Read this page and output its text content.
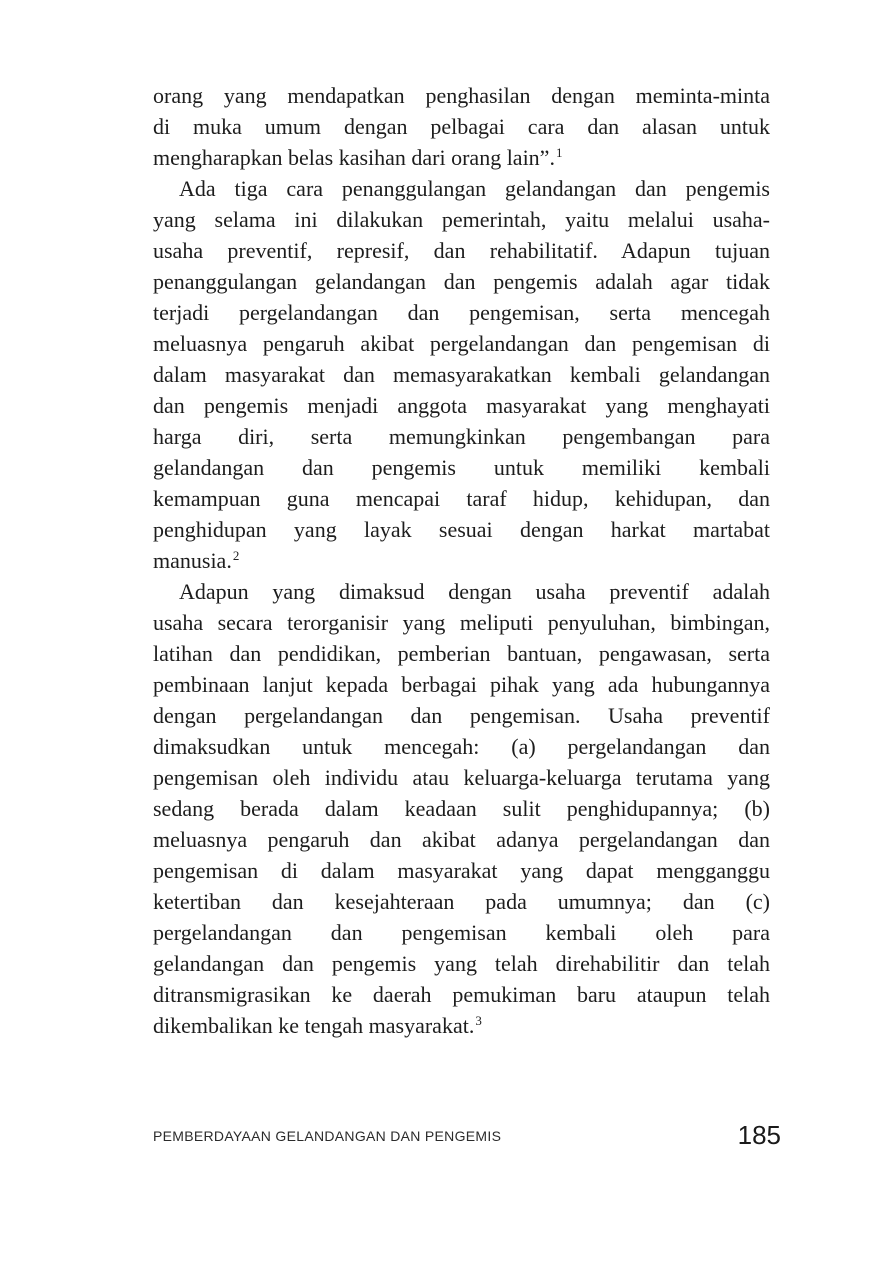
orang yang mendapatkan penghasilan dengan meminta-minta
di muka umum dengan pelbagai cara dan alasan untuk
mengharapkan belas kasihan dari orang lain”.$^1$
Ada tiga cara penanggulangan gelandangan dan pengemis
yang selama ini dilakukan pemerintah, yaitu melalui usaha-
usaha preventif, represif, dan rehabilitatif. Adapun tujuan
penanggulangan gelandangan dan pengemis adalah agar tidak
terjadi pergelandangan dan pengemisan, serta mencegah
meluasnya pengaruh akibat pergelandangan dan pengemisan di
dalam masyarakat dan memasyarakatkan kembali gelandangan
dan pengemis menjadi anggota masyarakat yang menghayati
harga diri, serta memungkinkan pengembangan para
gelandangan dan pengemis untuk memiliki kembali
kemampuan guna mencapai taraf hidup, kehidupan, dan
penghidupan yang layak sesuai dengan harkat martabat
manusia.$^2$
Adapun yang dimaksud dengan usaha preventif adalah
usaha secara terorganisir yang meliputi penyuluhan, bimbingan,
latihan dan pendidikan, pemberian bantuan, pengawasan, serta
pembinaan lanjut kepada berbagai pihak yang ada hubungannya
dengan pergelandangan dan pengemisan. Usaha preventif
dimaksudkan untuk mencegah: (a) pergelandangan dan
pengemisan oleh individu atau keluarga-keluarga terutama yang
sedang berada dalam keadaan sulit penghidupannya; (b)
meluasnya pengaruh dan akibat adanya pergelandangan dan
pengemisan di dalam masyarakat yang dapat mengganggu
ketertiban dan kesejahteraan pada umumnya; dan (c)
pergelandangan dan pengemisan kembali oleh para
gelandangan dan pengemis yang telah direhabilitir dan telah
ditransmigrasikan ke daerah pemukiman baru ataupun telah
dikembalikan ke tengah masyarakat.$^3$
PEMBERDAYAAN GELANDANGAN DAN PENGEMIS	185
